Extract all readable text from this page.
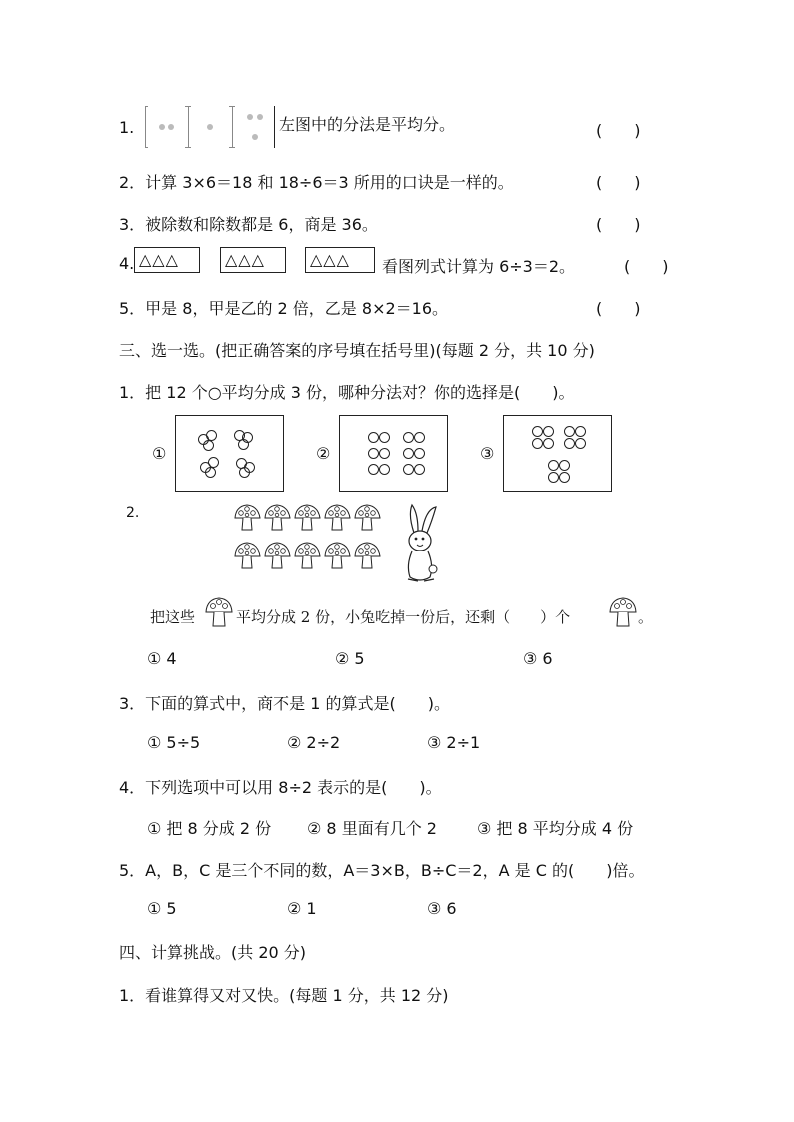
1.	左图中的分法是平均分。	(　　)
2．计算 3×6＝18 和 18÷6＝3 所用的口诀是一样的。	(　　)
3．被除数和除数都是 6，商是 36。	(　　)
4. △△△	△△△	△△△	看图列式计算为 6÷3＝2。	(　　)
5．甲是 8，甲是乙的 2 倍，乙是 8×2＝16。	(　　)
三、选一选。(把正确答案的序号填在括号里)(每题 2 分，共 10 分)
1．把 12 个○平均分成 3 份，哪种分法对？你的选择是(　　)。
①	②	③
2.
把这些	平均分成 2 份，小兔吃掉一份后，还剩（　　）个	。
① 4	② 5	③ 6
3．下面的算式中，商不是 1 的算式是(　　)。
① 5÷5	② 2÷2	③ 2÷1
4．下列选项中可以用 8÷2 表示的是(　　)。
① 把 8 分成 2 份 ② 8 里面有几个 2	③ 把 8 平均分成 4 份
5．A，B，C 是三个不同的数，A＝3×B，B÷C＝2，A 是 C 的(　　)倍。
① 5	② 1	③ 6
四、计算挑战。(共 20 分)
1．看谁算得又对又快。(每题 1 分，共 12 分)
